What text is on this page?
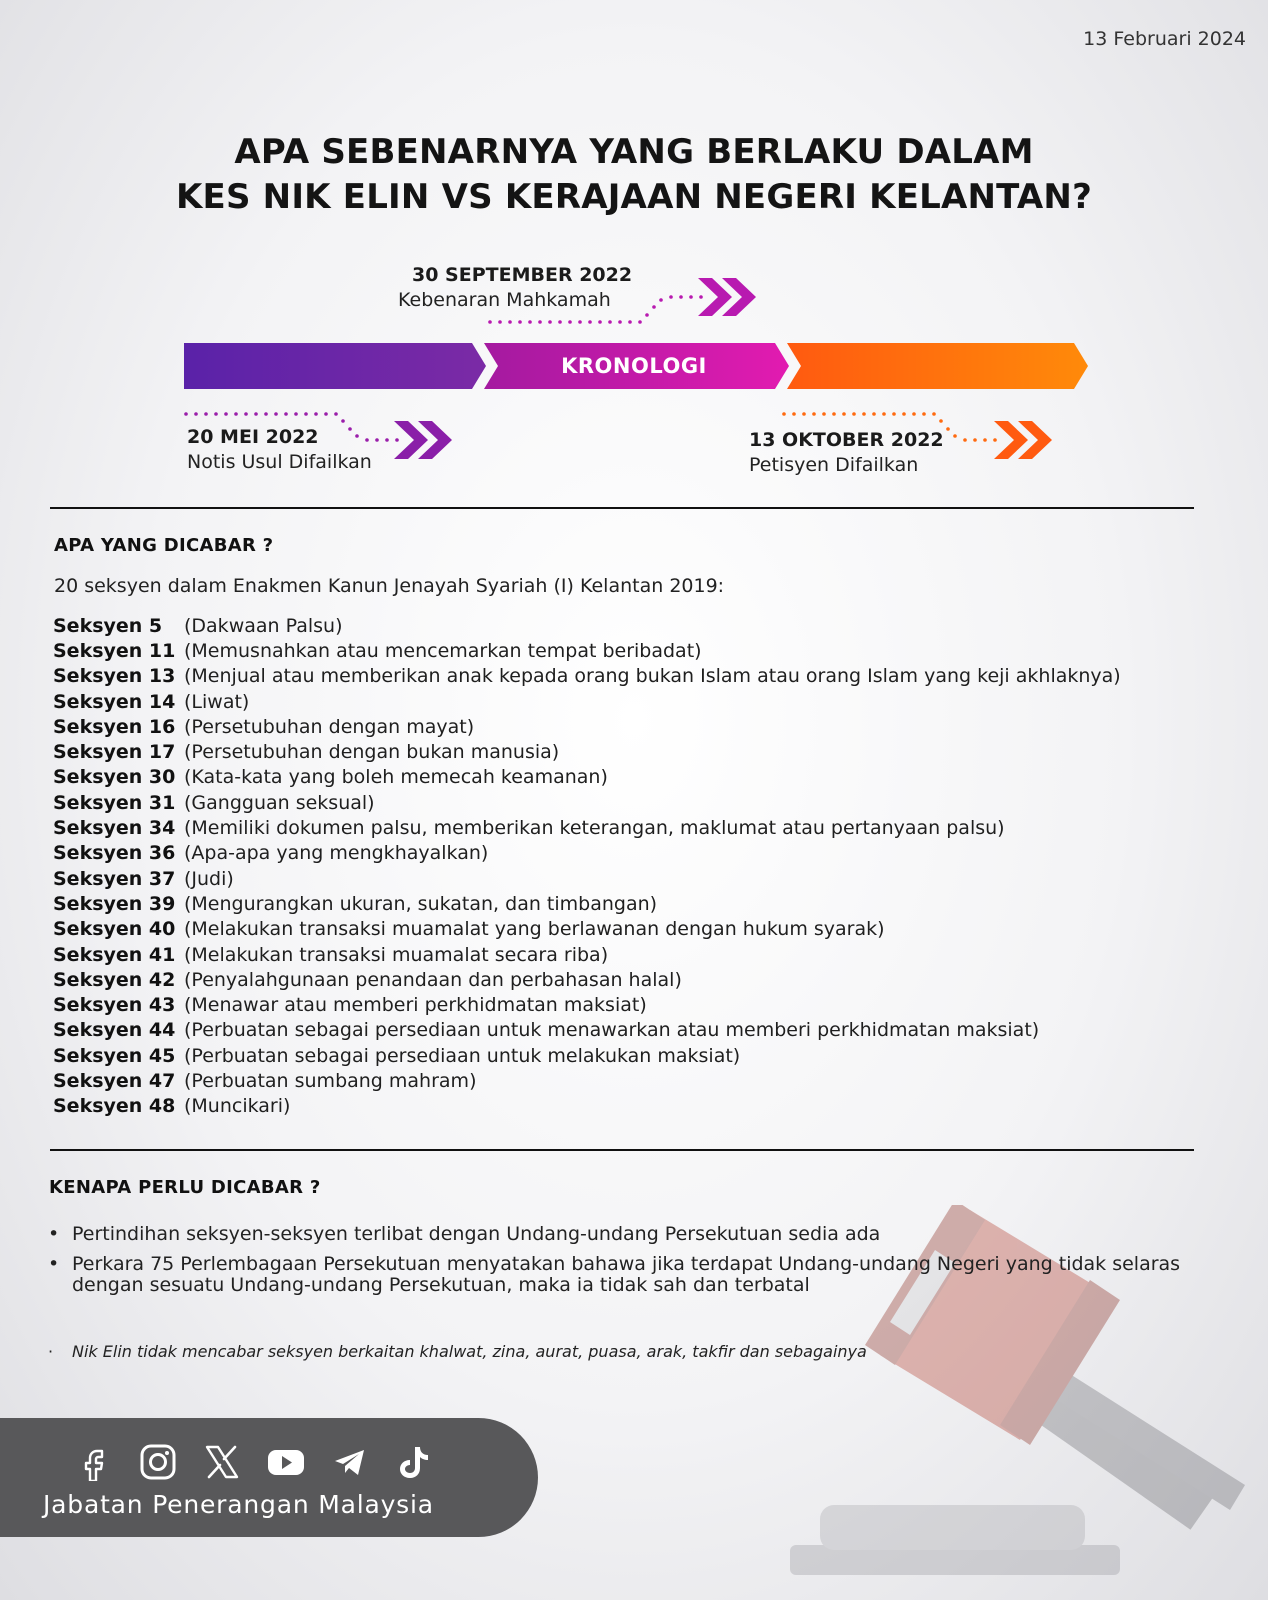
13 Februari 2024
APA SEBENARNYA YANG BERLAKU DALAM
KES NIK ELIN VS KERAJAAN NEGERI KELANTAN?
KRONOLOGI
30 SEPTEMBER 2022
Kebenaran Mahkamah
20 MEI 2022
Notis Usul Difailkan
13 OKTOBER 2022
Petisyen Difailkan
APA YANG DICABAR ?
20 seksyen dalam Enakmen Kanun Jenayah Syariah (I) Kelantan 2019:
Seksyen 5	(Dakwaan Palsu)
Seksyen 11 (Memusnahkan atau mencemarkan tempat beribadat)
Seksyen 13 (Menjual atau memberikan anak kepada orang bukan Islam atau orang Islam yang keji akhlaknya)
Seksyen 14 (Liwat)
Seksyen 16 (Persetubuhan dengan mayat)
Seksyen 17 (Persetubuhan dengan bukan manusia)
Seksyen 30 (Kata-kata yang boleh memecah keamanan)
Seksyen 31 (Gangguan seksual)
Seksyen 34 (Memiliki dokumen palsu, memberikan keterangan, maklumat atau pertanyaan palsu)
Seksyen 36 (Apa-apa yang mengkhayalkan)
Seksyen 37 (Judi)
Seksyen 39 (Mengurangkan ukuran, sukatan, dan timbangan)
Seksyen 40 (Melakukan transaksi muamalat yang berlawanan dengan hukum syarak)
Seksyen 41 (Melakukan transaksi muamalat secara riba)
Seksyen 42 (Penyalahgunaan penandaan dan perbahasan halal)
Seksyen 43 (Menawar atau memberi perkhidmatan maksiat)
Seksyen 44 (Perbuatan sebagai persediaan untuk menawarkan atau memberi perkhidmatan maksiat)
Seksyen 45 (Perbuatan sebagai persediaan untuk melakukan maksiat)
Seksyen 47 (Perbuatan sumbang mahram)
Seksyen 48 (Muncikari)
KENAPA PERLU DICABAR ?
• Pertindihan seksyen-seksyen terlibat dengan Undang-undang Persekutuan sedia ada
• Perkara 75 Perlembagaan Persekutuan menyatakan bahawa jika terdapat Undang-undang Negeri yang tidak selaras dengan sesuatu Undang-undang Persekutuan, maka ia tidak sah dan terbatal
· Nik Elin tidak mencabar seksyen berkaitan khalwat, zina, aurat, puasa, arak, takfir dan sebagainya
Jabatan Penerangan Malaysia
